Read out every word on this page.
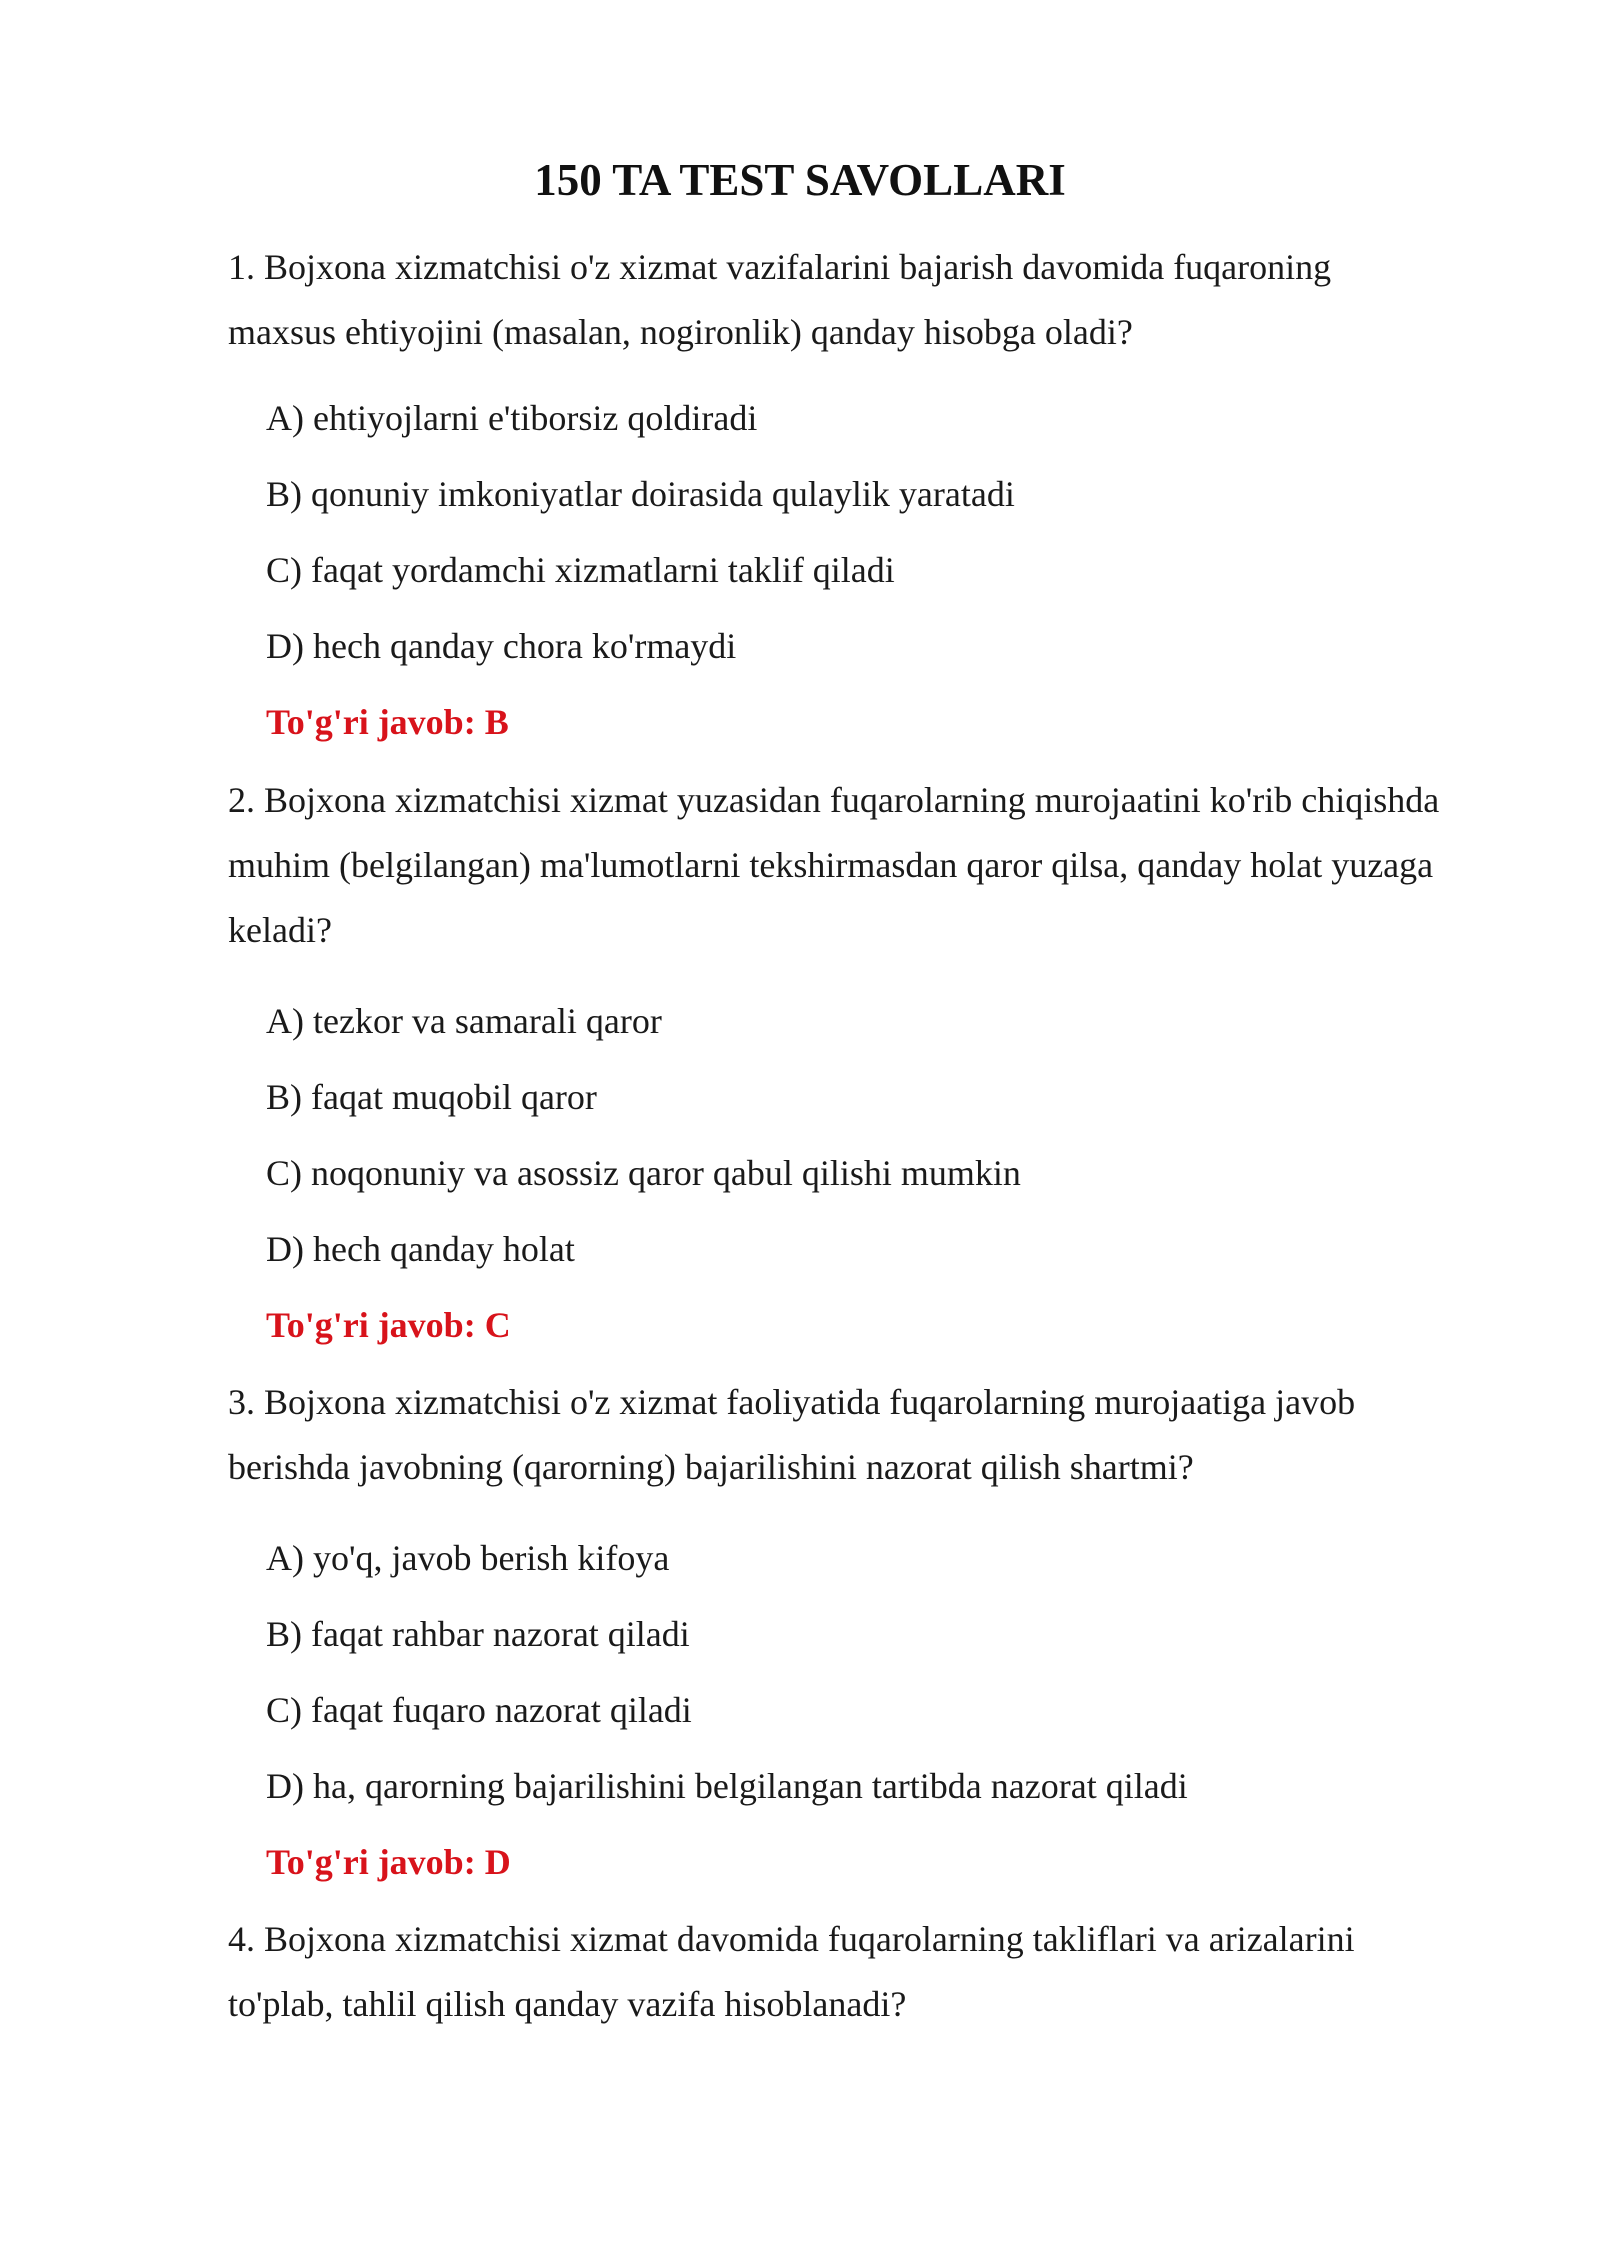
150 TA TEST SAVOLLARI
1. Bojxona xizmatchisi o'z xizmat vazifalarini bajarish davomida fuqaroning maxsus ehtiyojini (masalan, nogironlik) qanday hisobga oladi?
A) ehtiyojlarni e'tiborsiz qoldiradi
B) qonuniy imkoniyatlar doirasida qulaylik yaratadi
C) faqat yordamchi xizmatlarni taklif qiladi
D) hech qanday chora ko'rmaydi
To'g'ri javob: B
2. Bojxona xizmatchisi xizmat yuzasidan fuqarolarning murojaatini ko'rib chiqishda muhim (belgilangan) ma'lumotlarni tekshirmasdan qaror qilsa, qanday holat yuzaga keladi?
A) tezkor va samarali qaror
B) faqat muqobil qaror
C) noqonuniy va asossiz qaror qabul qilishi mumkin
D) hech qanday holat
To'g'ri javob: C
3. Bojxona xizmatchisi o'z xizmat faoliyatida fuqarolarning murojaatiga javob berishda javobning (qarorning) bajarilishini nazorat qilish shartmi?
A) yo'q, javob berish kifoya
B) faqat rahbar nazorat qiladi
C) faqat fuqaro nazorat qiladi
D) ha, qarorning bajarilishini belgilangan tartibda nazorat qiladi
To'g'ri javob: D
4. Bojxona xizmatchisi xizmat davomida fuqarolarning takliflari va arizalarini to'plab, tahlil qilish qanday vazifa hisoblanadi?
